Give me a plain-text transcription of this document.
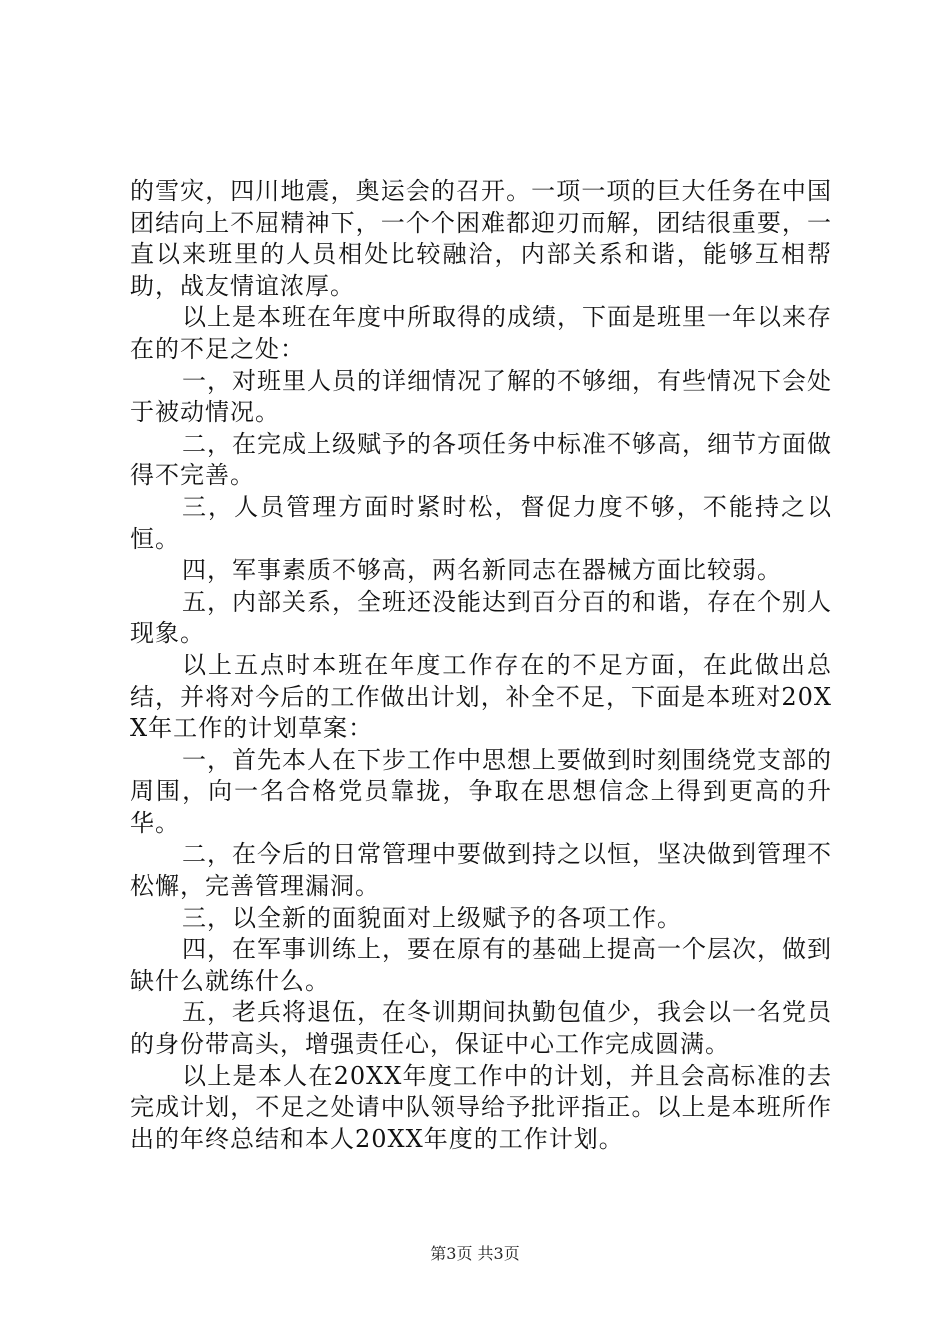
的雪灾，四川地震，奥运会的召开。一项一项的巨大任务在中国团结向上不屈精神下，一个个困难都迎刃而解，团结很重要，一直以来班里的人员相处比较融洽，内部关系和谐，能够互相帮助，战友情谊浓厚。

以上是本班在年度中所取得的成绩，下面是班里一年以来存在的不足之处：

一，对班里人员的详细情况了解的不够细，有些情况下会处于被动情况。

二，在完成上级赋予的各项任务中标准不够高，细节方面做得不完善。

三，人员管理方面时紧时松，督促力度不够，不能持之以恒。

四，军事素质不够高，两名新同志在器械方面比较弱。

五，内部关系，全班还没能达到百分百的和谐，存在个别人现象。

以上五点时本班在年度工作存在的不足方面，在此做出总结，并将对今后的工作做出计划，补全不足，下面是本班对20XX年工作的计划草案：

一，首先本人在下步工作中思想上要做到时刻围绕党支部的周围，向一名合格党员靠拢，争取在思想信念上得到更高的升华。

二，在今后的日常管理中要做到持之以恒，坚决做到管理不松懈，完善管理漏洞。

三，以全新的面貌面对上级赋予的各项工作。

四，在军事训练上，要在原有的基础上提高一个层次，做到缺什么就练什么。

五，老兵将退伍，在冬训期间执勤包值少，我会以一名党员的身份带高头，增强责任心，保证中心工作完成圆满。

以上是本人在20XX年度工作中的计划，并且会高标准的去完成计划，不足之处请中队领导给予批评指正。以上是本班所作出的年终总结和本人20XX年度的工作计划。

第3页 共3页
